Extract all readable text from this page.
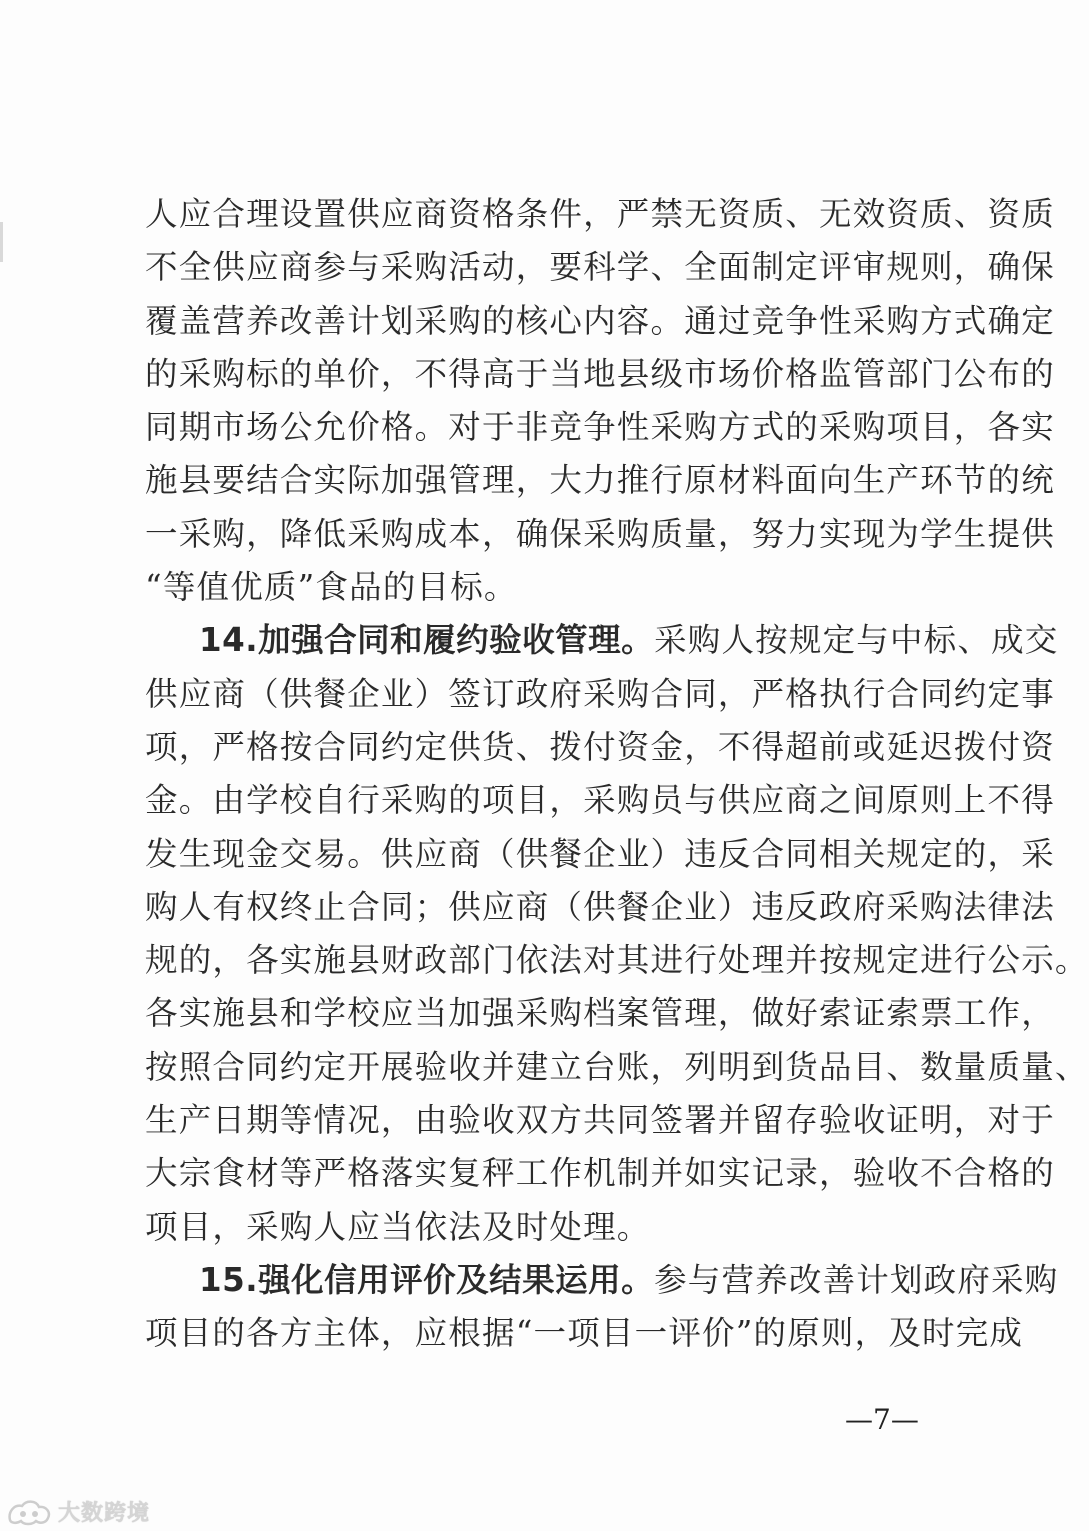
人应合理设置供应商资格条件，严禁无资质、无效资质、资质
不全供应商参与采购活动，要科学、全面制定评审规则，确保
覆盖营养改善计划采购的核心内容。通过竞争性采购方式确定
的采购标的单价，不得高于当地县级市场价格监管部门公布的
同期市场公允价格。对于非竞争性采购方式的采购项目，各实
施县要结合实际加强管理，大力推行原材料面向生产环节的统
一采购，降低采购成本，确保采购质量，努力实现为学生提供
“等值优质”食品的目标。
14.加强合同和履约验收管理。采购人按规定与中标、成交
供应商（供餐企业）签订政府采购合同，严格执行合同约定事
项，严格按合同约定供货、拨付资金，不得超前或延迟拨付资
金。由学校自行采购的项目，采购员与供应商之间原则上不得
发生现金交易。供应商（供餐企业）违反合同相关规定的，采
购人有权终止合同；供应商（供餐企业）违反政府采购法律法
规的，各实施县财政部门依法对其进行处理并按规定进行公示。
各实施县和学校应当加强采购档案管理，做好索证索票工作，
按照合同约定开展验收并建立台账，列明到货品目、数量质量、
生产日期等情况，由验收双方共同签署并留存验收证明，对于
大宗食材等严格落实复秤工作机制并如实记录，验收不合格的
项目，采购人应当依法及时处理。
15.强化信用评价及结果运用。参与营养改善计划政府采购
项目的各方主体，应根据“一项目一评价”的原则，及时完成
—7—
大数跨境
